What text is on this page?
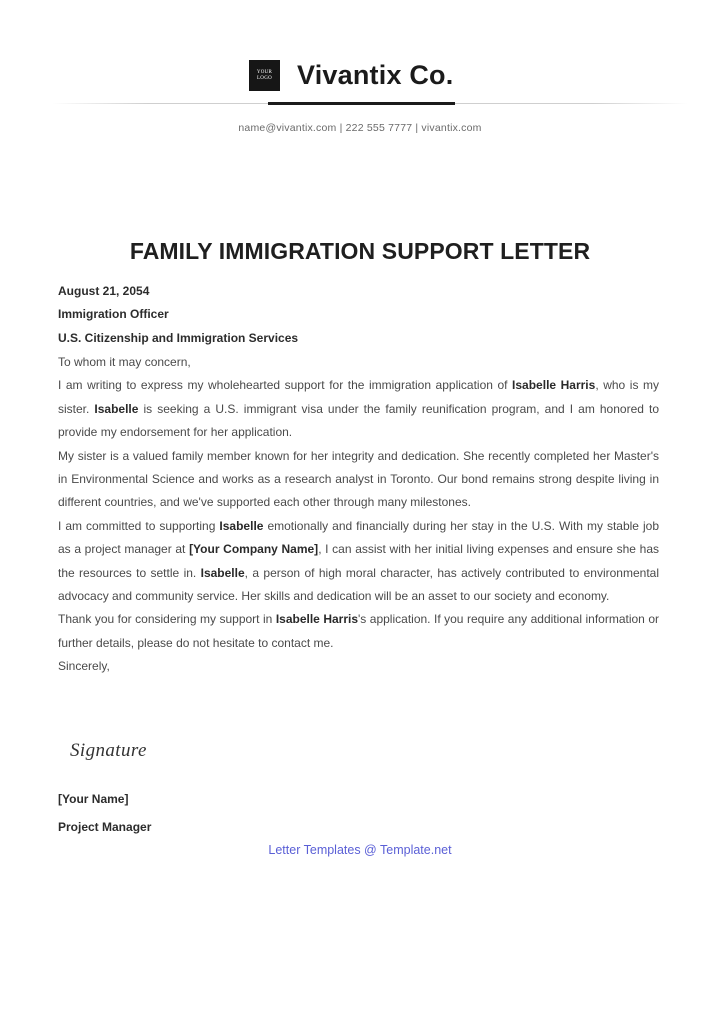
YOUR LOGO Vivantix Co.
name@vivantix.com | 222 555 7777 | vivantix.com
FAMILY IMMIGRATION SUPPORT LETTER
August 21, 2054
Immigration Officer
U.S. Citizenship and Immigration Services

To whom it may concern,

I am writing to express my wholehearted support for the immigration application of Isabelle Harris, who is my sister. Isabelle is seeking a U.S. immigrant visa under the family reunification program, and I am honored to provide my endorsement for her application.

My sister is a valued family member known for her integrity and dedication. She recently completed her Master's in Environmental Science and works as a research analyst in Toronto. Our bond remains strong despite living in different countries, and we've supported each other through many milestones.

I am committed to supporting Isabelle emotionally and financially during her stay in the U.S. With my stable job as a project manager at [Your Company Name], I can assist with her initial living expenses and ensure she has the resources to settle in. Isabelle, a person of high moral character, has actively contributed to environmental advocacy and community service. Her skills and dedication will be an asset to our society and economy.

Thank you for considering my support in Isabelle Harris's application. If you require any additional information or further details, please do not hesitate to contact me.

Sincerely,

Signature
[Your Name]
Project Manager
Letter Templates @ Template.net
